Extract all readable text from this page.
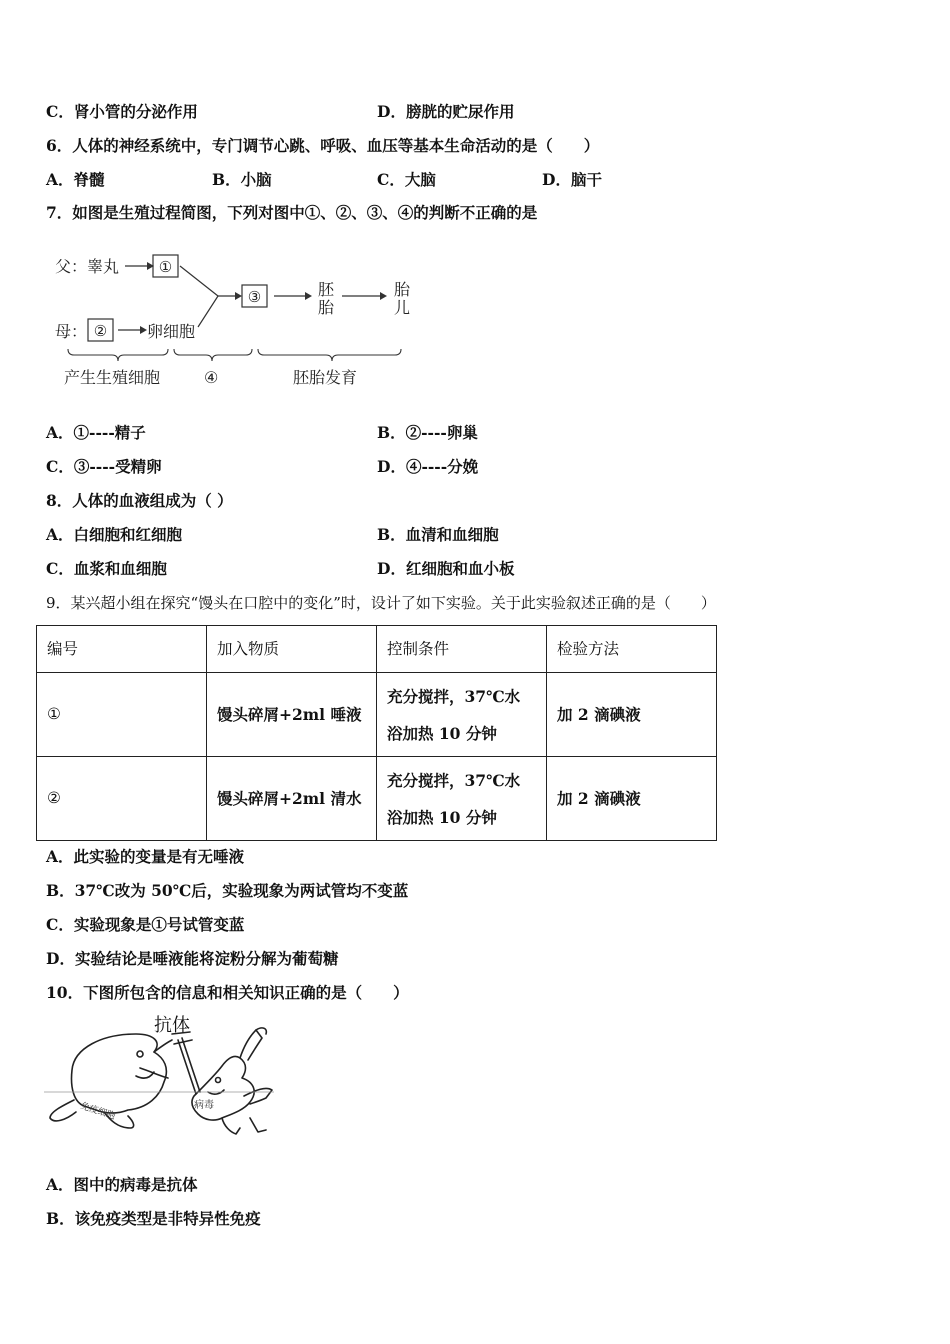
C．肾小管的分泌作用	D．膀胱的贮尿作用
6．人体的神经系统中，专门调节心跳、呼吸、血压等基本生命活动的是（　　）
A．脊髓	B．小脑	C．大脑	D．脑干
7．如图是生殖过程简图，下列对图中①、②、③、④的判断不正确的是
父：睾丸
母：	卵细胞
胚
胎
胎
儿
产生生殖细胞	④	胚胎发育
①
②
③
A．①----精子	B．②----卵巢
C．③----受精卵	D．④----分娩
8．人体的血液组成为（ ）
A．白细胞和红细胞	B．血清和血细胞
C．血浆和血细胞	D．红细胞和血小板
9．某兴超小组在探究“馒头在口腔中的变化”时，设计了如下实验。关于此实验叙述正确的是（　　）
编号	加入物质	控制条件	检验方法
①	馒头碎屑+2ml 唾液	充分搅拌，37℃水
浴加热 10 分钟	加 2 滴碘液
②	馒头碎屑+2ml 清水	充分搅拌，37℃水
浴加热 10 分钟	加 2 滴碘液
A．此实验的变量是有无唾液
B．37℃改为 50℃后，实验现象为两试管均不变蓝
C．实验现象是①号试管变蓝
D．实验结论是唾液能将淀粉分解为葡萄糖
10．下图所包含的信息和相关知识正确的是（　　）
抗体
免疫细胞	病毒
A．图中的病毒是抗体
B．该免疫类型是非特异性免疫
